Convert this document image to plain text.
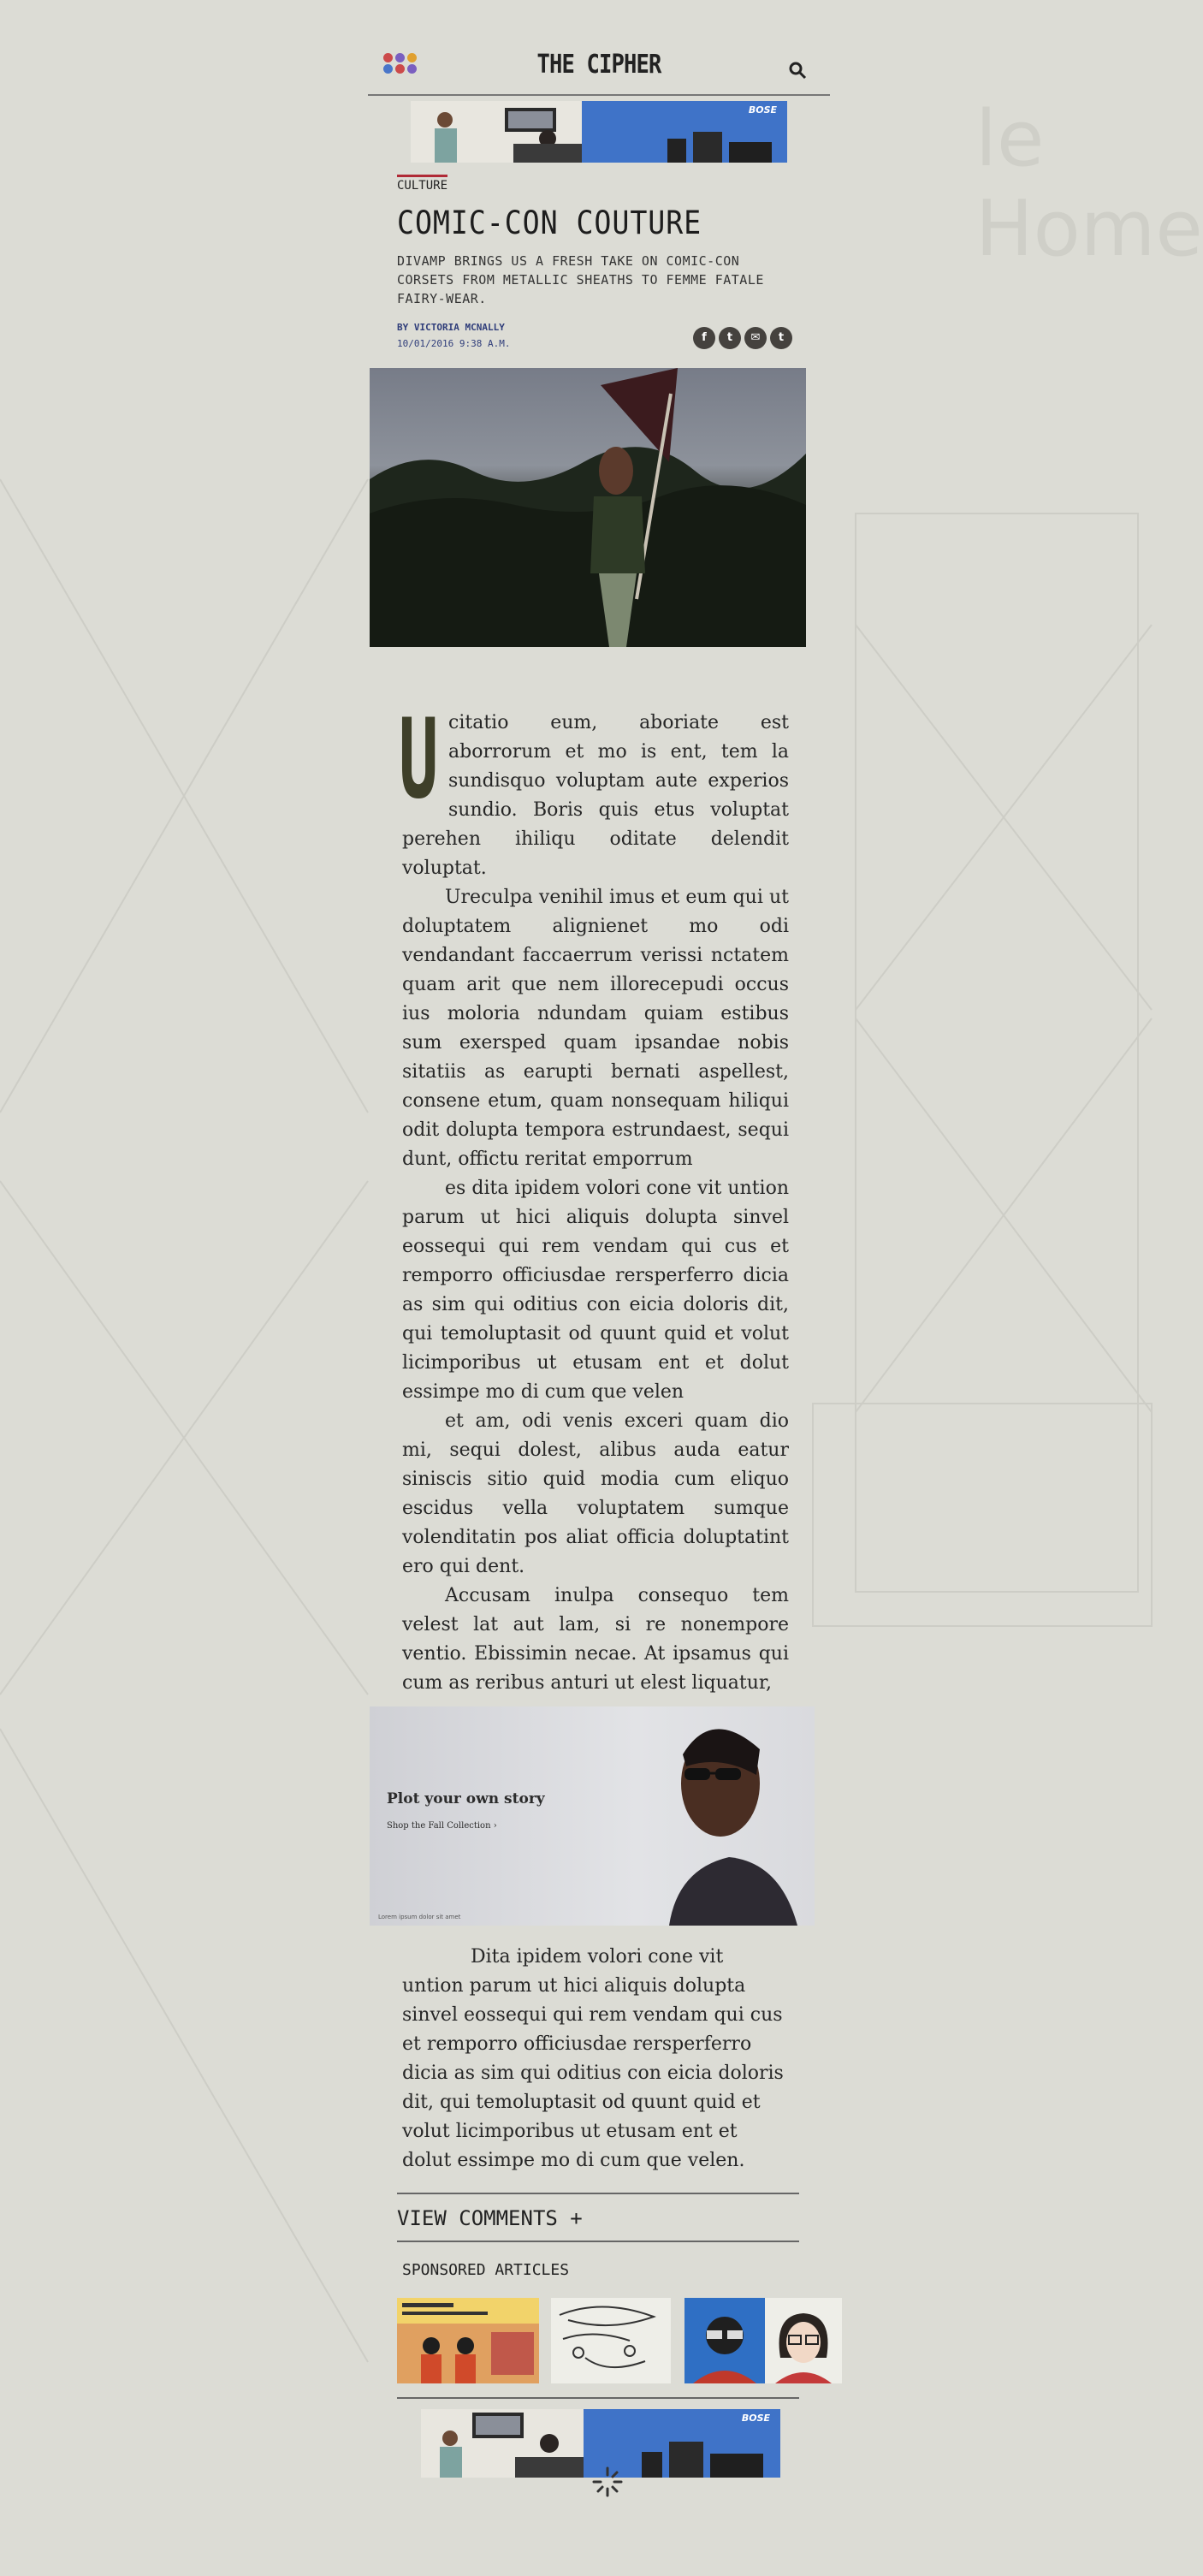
le Home
THE CIPHER
BOSE
CULTURE
COMIC-CON COUTURE
DIVAMP BRINGS US A FRESH TAKE ON COMIC-CON CORSETS FROM METALLIC SHEATHS TO FEMME FATALE FAIRY-WEAR.
BY VICTORIA MCNALLY
10/01/2016 9:38 A.M.	f	t	✉	t
U citatio eum, aboriate est aborrorum et mo is ent, tem la sundisquo voluptam aute experios sundio. Boris quis etus voluptat perehen ihiliqu oditate delendit voluptat.

Ureculpa venihil imus et eum qui ut doluptatem alignienet mo odi vendandant faccaerrum verissi nctatem quam arit que nem illorecepudi occus ius moloria ndundam quiam estibus sum exersped quam ipsandae nobis sitatiis as earupti bernati aspellest, consene etum, quam nonsequam hiliqui odit dolupta tempora estrundaest, sequi dunt, offictu reritat emporrum

es dita ipidem volori cone vit untion parum ut hici aliquis dolupta sinvel eossequi qui rem vendam qui cus et remporro officiusdae rersperferro dicia as sim qui oditius con eicia doloris dit, qui temoluptasit od quunt quid et volut licimporibus ut etusam ent et dolut essimpe mo di cum que velen

et am, odi venis exceri quam dio mi, sequi dolest, alibus auda eatur siniscis sitio quid modia cum eliquo escidus vella voluptatem sumque volenditatin pos aliat officia doluptatint ero qui dent.

Accusam inulpa consequo tem velest lat aut lam, si re nonempore ventio. Ebissimin necae. At ipsamus qui cum as reribus anturi ut elest liquatur,

Plot your own story
Shop the Fall Collection ›
Lorem ipsum dolor sit amet

Dita ipidem volori cone vit untion parum ut hici aliquis dolupta sinvel eossequi qui rem vendam qui cus et remporro officiusdae rersperferro dicia as sim qui oditius con eicia doloris dit, qui temoluptasit od quunt quid et volut licimporibus ut etusam ent et dolut essimpe mo di cum que velen.

VIEW COMMENTS +
SPONSORED ARTICLES
BOSE
